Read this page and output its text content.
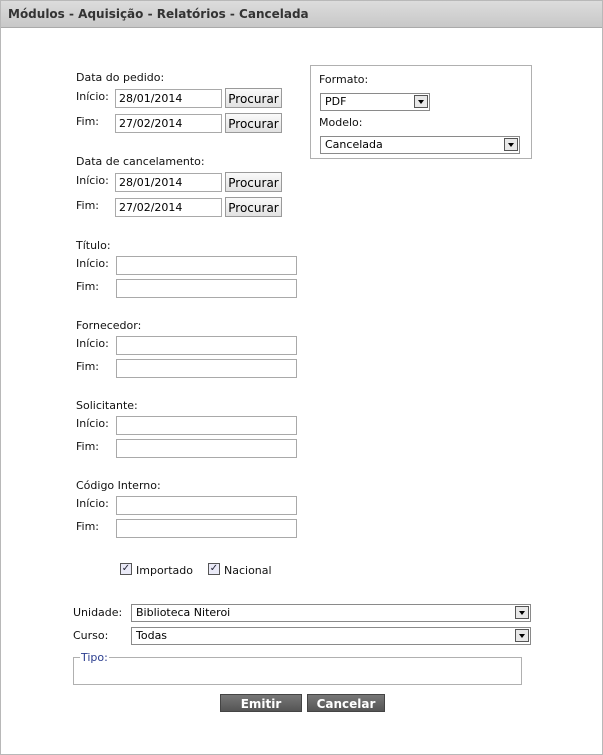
Módulos - Aquisição - Relatórios - Cancelada
Data do pedido:
Início: 28/01/2014	Procurar
Fim:	27/02/2014	Procurar
Data de cancelamento:
Início: 28/01/2014	Procurar
Fim:	27/02/2014	Procurar
Título:
Início:
Fim:
Fornecedor:
Início:
Fim:
Solicitante:
Início:
Fim:
Código Interno:
Início:
Fim:
Formato:
PDF
Modelo:
Cancelada
✓ Importado ✓ Nacional
Unidade: Biblioteca Niteroi
Curso:	Todas
Tipo:
Emitir	Cancelar
